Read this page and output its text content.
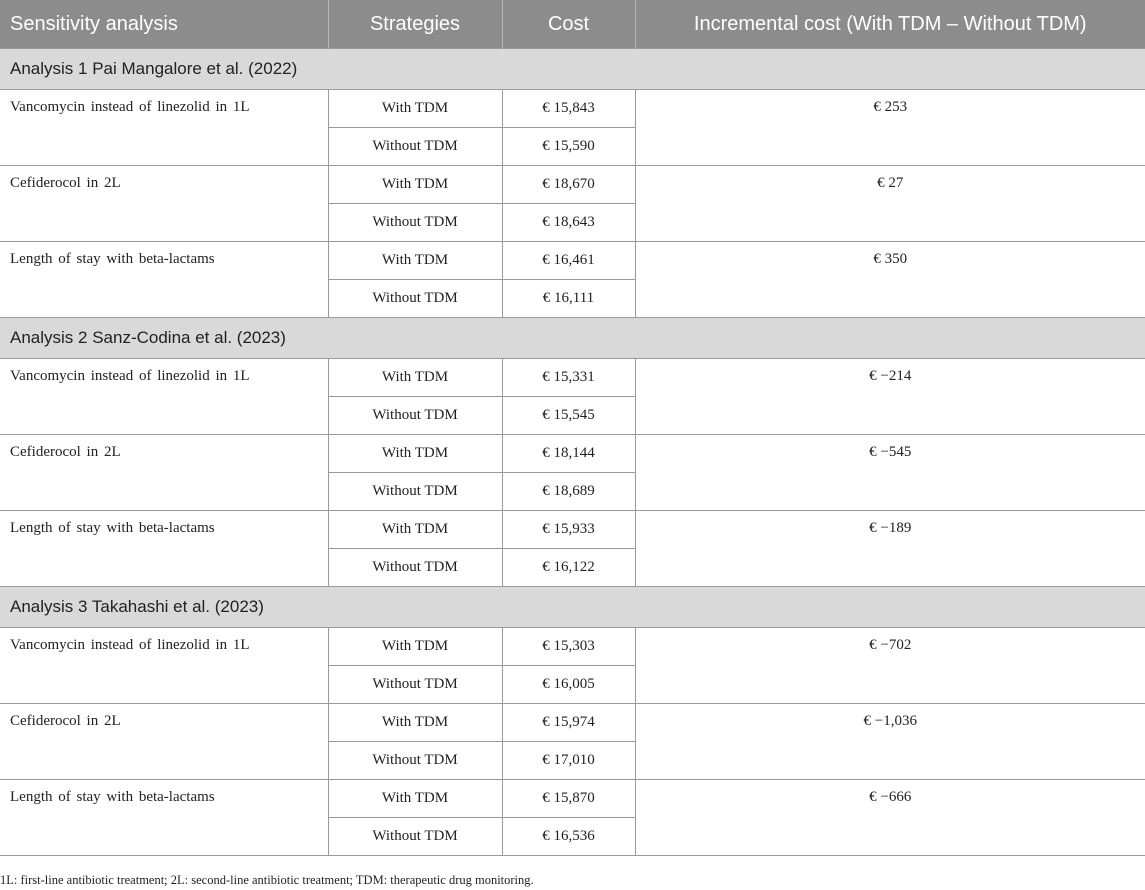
Sensitivity analysis	Strategies	Cost	Incremental cost (With TDM – Without TDM)
Analysis 1 Pai Mangalore et al. (2022)			
Vancomycin instead of linezolid in 1L	With TDM	€ 15,843	€ 253
	Without TDM	€ 15,590	
Cefiderocol in 2L	With TDM	€ 18,670	€ 27
	Without TDM	€ 18,643	
Length of stay with beta-lactams	With TDM	€ 16,461	€ 350
	Without TDM	€ 16,111	
Analysis 2 Sanz-Codina et al. (2023)			
Vancomycin instead of linezolid in 1L	With TDM	€ 15,331	€ −214
	Without TDM	€ 15,545	
Cefiderocol in 2L	With TDM	€ 18,144	€ −545
	Without TDM	€ 18,689	
Length of stay with beta-lactams	With TDM	€ 15,933	€ −189
	Without TDM	€ 16,122	
Analysis 3 Takahashi et al. (2023)			
Vancomycin instead of linezolid in 1L	With TDM	€ 15,303	€ −702
	Without TDM	€ 16,005	
Cefiderocol in 2L	With TDM	€ 15,974	€ −1,036
	Without TDM	€ 17,010	
Length of stay with beta-lactams	With TDM	€ 15,870	€ −666
	Without TDM	€ 16,536	

1L: first-line antibiotic treatment; 2L: second-line antibiotic treatment; TDM: therapeutic drug monitoring.
